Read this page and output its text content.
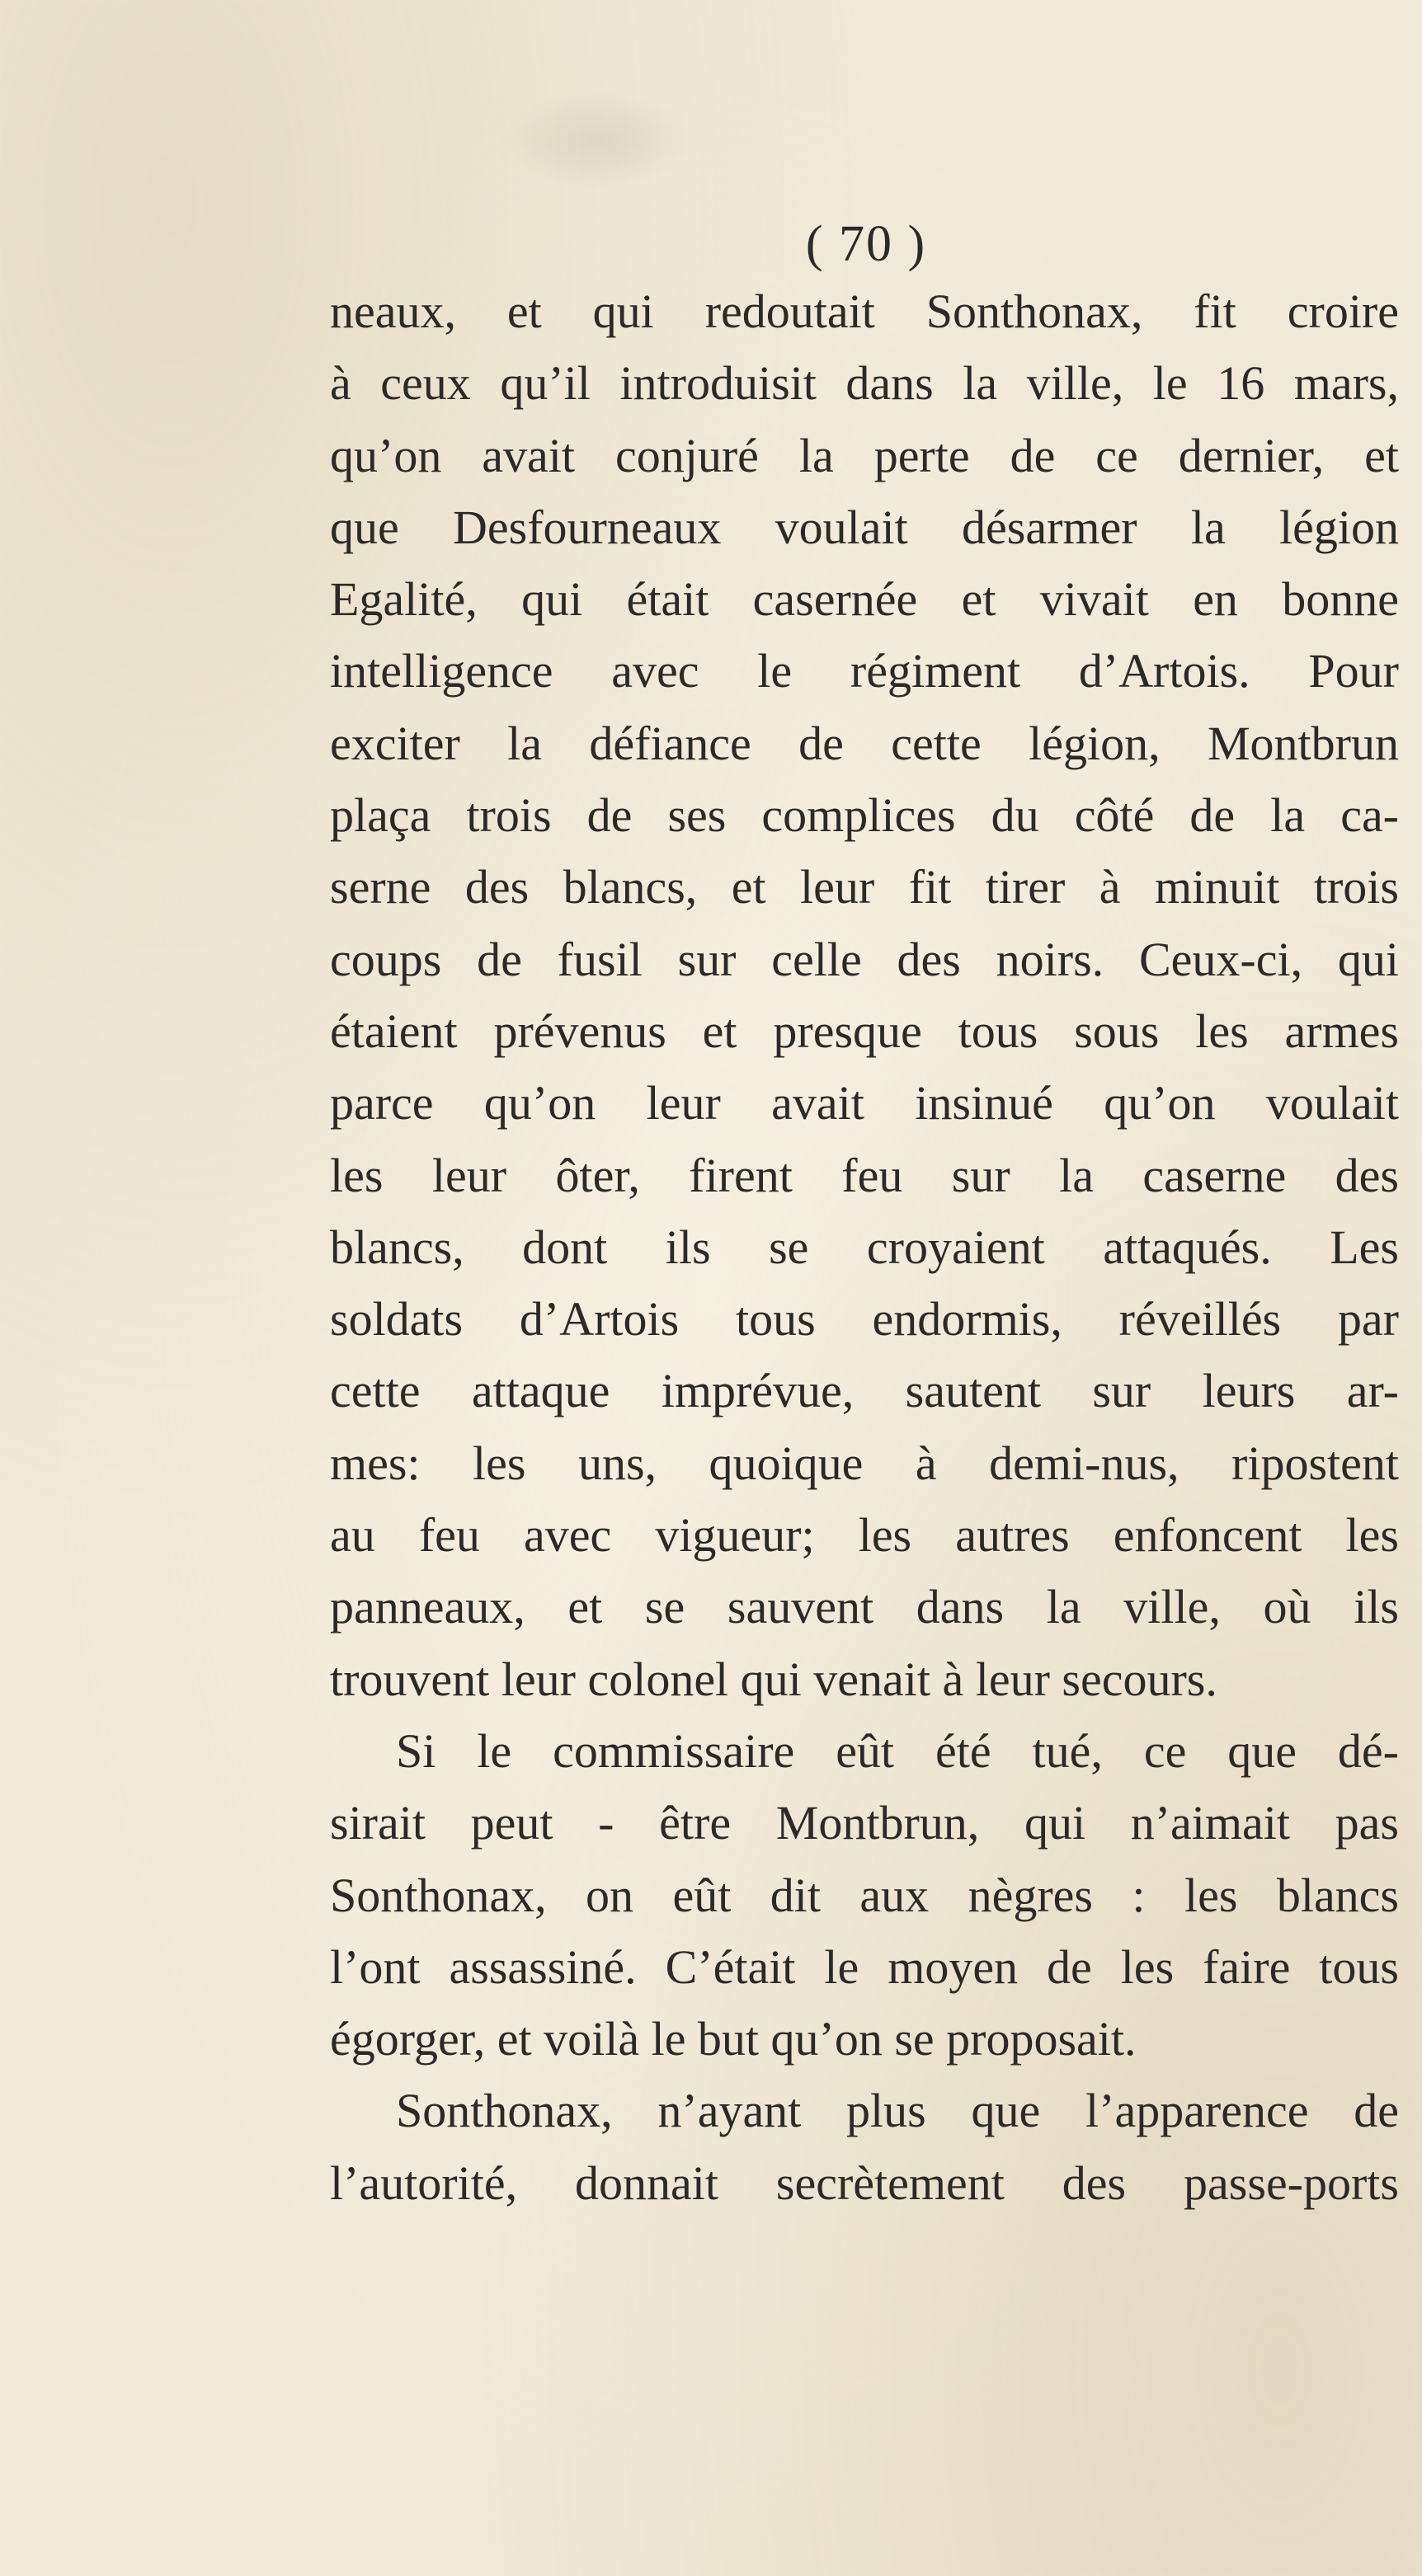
( 70 )
neaux, et qui redoutait Sonthonax, fit croire
à ceux qu’il introduisit dans la ville, le 16 mars,
qu’on avait conjuré la perte de ce dernier, et
que Desfourneaux voulait désarmer la légion
Egalité, qui était casernée et vivait en bonne
intelligence avec le régiment d’Artois. Pour
exciter la défiance de cette légion, Montbrun
plaça trois de ses complices du côté de la ca-
serne des blancs, et leur fit tirer à minuit trois
coups de fusil sur celle des noirs. Ceux-ci, qui
étaient prévenus et presque tous sous les armes
parce qu’on leur avait insinué qu’on voulait
les leur ôter, firent feu sur la caserne des
blancs, dont ils se croyaient attaqués. Les
soldats d’Artois tous endormis, réveillés par
cette attaque imprévue, sautent sur leurs ar-
mes: les uns, quoique à demi-nus, ripostent
au feu avec vigueur; les autres enfoncent les
panneaux, et se sauvent dans la ville, où ils
trouvent leur colonel qui venait à leur secours.
Si le commissaire eût été tué, ce que dé-
sirait peut - être Montbrun, qui n’aimait pas
Sonthonax, on eût dit aux nègres : les blancs
l’ont assassiné. C’était le moyen de les faire tous
égorger, et voilà le but qu’on se proposait.
Sonthonax, n’ayant plus que l’apparence de
l’autorité, donnait secrètement des passe-ports
